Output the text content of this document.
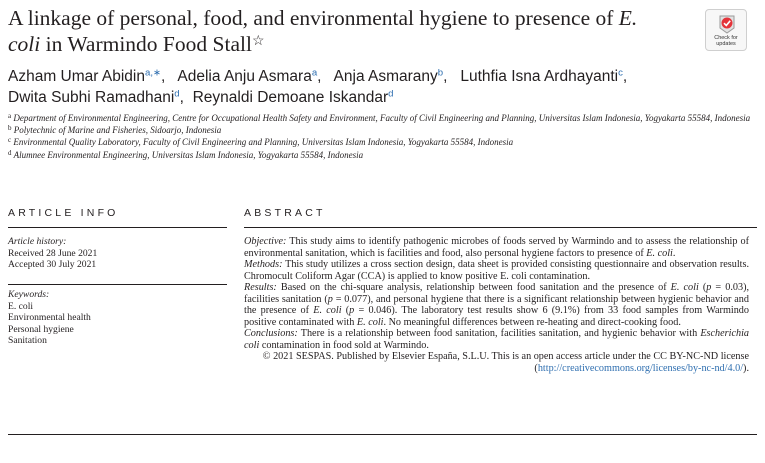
A linkage of personal, food, and environmental hygiene to presence of E. coli in Warmindo Food Stall☆	Check for
updates
Azham Umar Abidin$^{a,∗}$,   Adelia Anju Asmara$^a$,   Anja Asmarany$^b$,   Luthfia Isna Ardhayanti$^c$,
Dwita Subhi Ramadhani$^d$,  Reynaldi Demoane Iskandar$^d$
$^a$ Department of Environmental Engineering, Centre for Occupational Health Safety and Environment, Faculty of Civil Engineering and Planning, Universitas Islam Indonesia, Yogyakarta 55584, Indonesia
$^b$ Polytechnic of Marine and Fisheries, Sidoarjo, Indonesia
$^c$ Environmental Quality Laboratory, Faculty of Civil Engineering and Planning, Universitas Islam Indonesia, Yogyakarta 55584, Indonesia
$^d$ Alumnee Environmental Engineering, Universitas Islam Indonesia, Yogyakarta 55584, Indonesia
ARTICLE INFO	ABSTRACT
Article history:
Received 28 June 2021
Accepted 30 July 2021
Keywords:
E. coli
Environmental health
Personal hygiene
Sanitation

Objective: This study aims to identify pathogenic microbes of foods served by Warmindo and to assess the relationship of environmental sanitation, which is facilities and food, also personal hygiene factors to presence of E. coli.

Methods: This study utilizes a cross section design, data sheet is provided consisting questionnaire and observation results. Chromocult Coliform Agar (CCA) is applied to know positive E. coli contamination.

Results: Based on the chi-square analysis, relationship between food sanitation and the presence of E. coli (p = 0.03), facilities sanitation (p = 0.077), and personal hygiene that there is a significant relationship between hygienic behavior and the presence of E. coli (p = 0.046). The laboratory test results show 6 (9.1%) from 33 food samples from Warmindo positive contaminated with E. coli. No meaningful differences between re-heating and direct-cooking food.

Conclusions: There is a relationship between food sanitation, facilities sanitation, and hygienic behavior with Escherichia coli contamination in food sold at Warmindo.

© 2021 SESPAS. Published by Elsevier España, S.L.U. This is an open access article under the CC BY-NC-ND license (http://creativecommons.org/licenses/by-nc-nd/4.0/).
